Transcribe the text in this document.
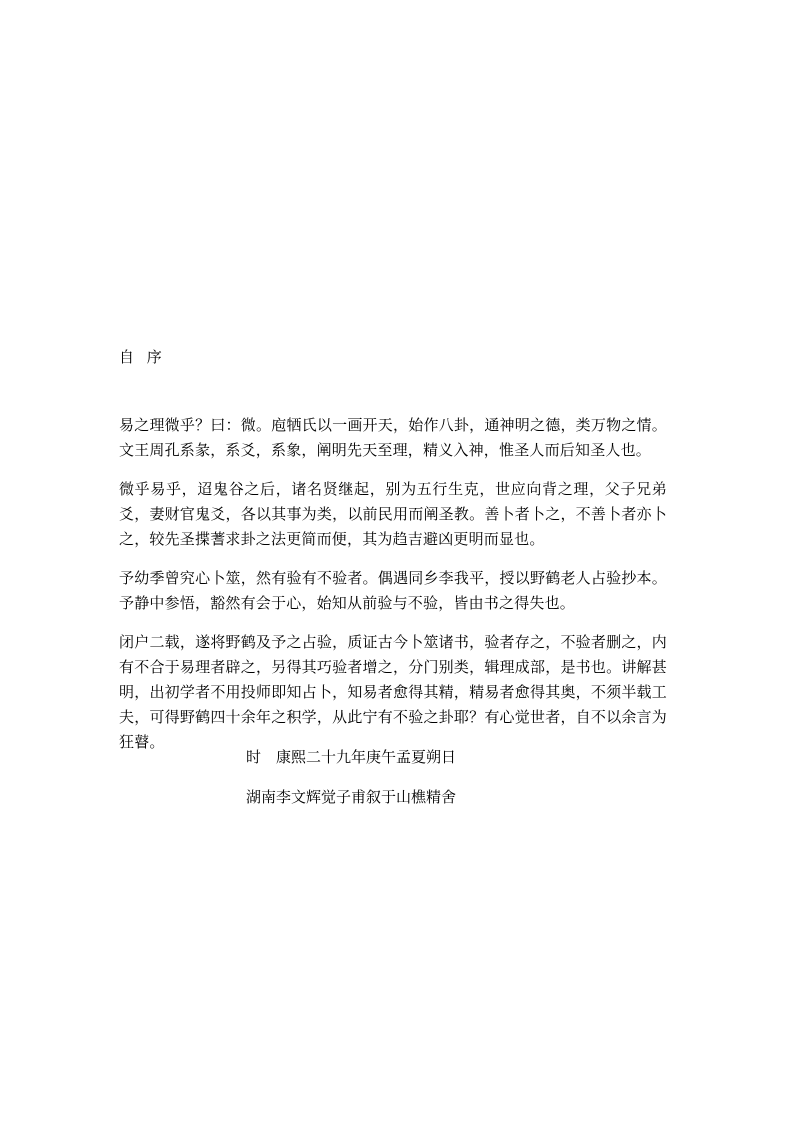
自 序

易之理微乎？曰：微。庖牺氏以一画开天，始作八卦，通神明之德，类万物之情。文王周孔系彖，系爻，系象，阐明先天至理，精义入神，惟圣人而后知圣人也。

微乎易乎，迢鬼谷之后，诸名贤继起，别为五行生克，世应向背之理，父子兄弟爻，妻财官鬼爻，各以其事为类，以前民用而阐圣教。善卜者卜之，不善卜者亦卜之，较先圣揲蓍求卦之法更简而便，其为趋吉避凶更明而显也。

予幼季曾究心卜筮，然有验有不验者。偶遇同乡李我平，授以野鹤老人占验抄本。予静中参悟，豁然有会于心，始知从前验与不验，皆由书之得失也。

闭户二载，遂将野鹤及予之占验，质证古今卜筮诸书，验者存之，不验者删之，内有不合于易理者辟之，另得其巧验者增之，分门别类，辑理成部，是书也。讲解甚明，出初学者不用投师即知占卜，知易者愈得其精，精易者愈得其奥，不须半载工夫，可得野鹤四十余年之积学，从此宁有不验之卦耶？有心觉世者，自不以余言为狂瞽。

时　康熙二十九年庚午孟夏朔日

湖南李文辉觉子甫叙于山樵精舍
